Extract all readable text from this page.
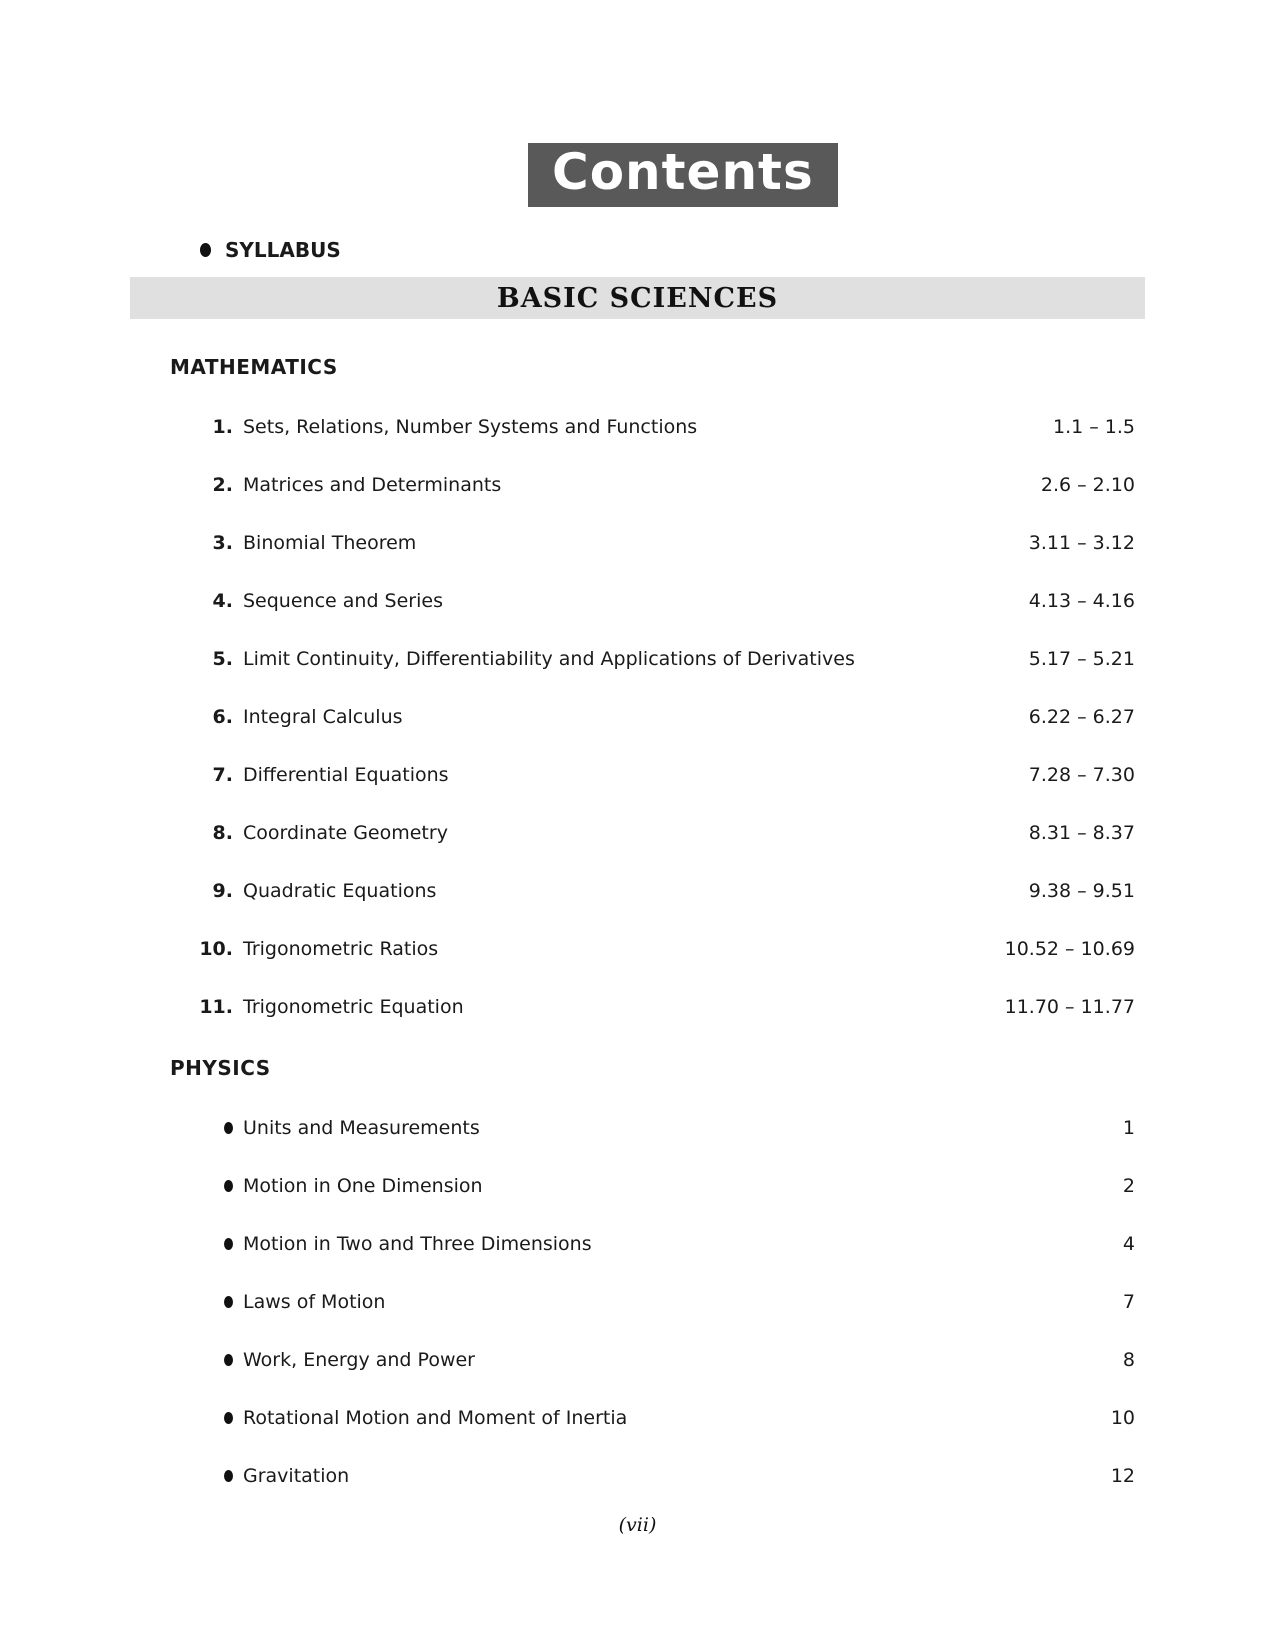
Contents
SYLLABUS
BASIC SCIENCES
MATHEMATICS
1. Sets, Relations, Number Systems and Functions	1.1 – 1.5
2. Matrices and Determinants	2.6 – 2.10
3. Binomial Theorem	3.11 – 3.12
4. Sequence and Series	4.13 – 4.16
5. Limit Continuity, Differentiability and Applications of Derivatives	5.17 – 5.21
6. Integral Calculus	6.22 – 6.27
7. Differential Equations	7.28 – 7.30
8. Coordinate Geometry	8.31 – 8.37
9. Quadratic Equations	9.38 – 9.51
10. Trigonometric Ratios	10.52 – 10.69
11. Trigonometric Equation	11.70 – 11.77
PHYSICS
Units and Measurements	1
Motion in One Dimension	2
Motion in Two and Three Dimensions	4
Laws of Motion	7
Work, Energy and Power	8
Rotational Motion and Moment of Inertia	10
Gravitation	12
(vii)
